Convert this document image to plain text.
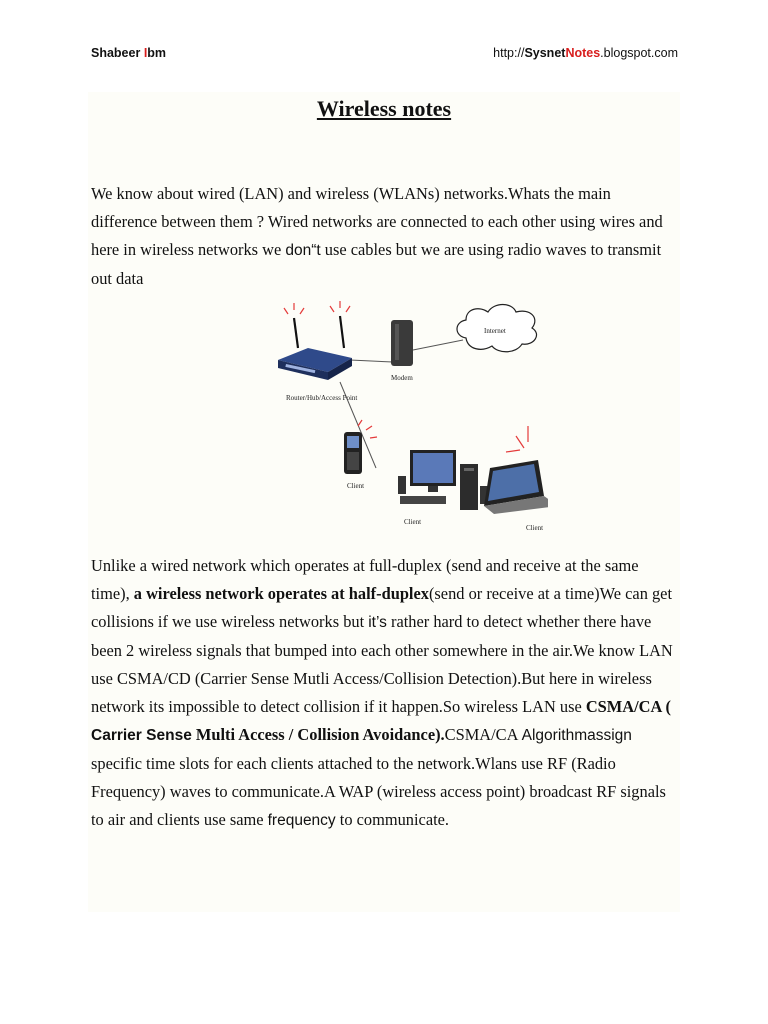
Shabeer Ibm	http://SysnetNotes.blogspot.com
Wireless notes

We know about wired (LAN) and wireless (WLANs) networks.Whats the main difference between them ? Wired networks are connected to each other using wires and here in wireless networks we don“t use cables but we are using radio waves to transmit out data

Internet
Modem
Router/Hub/Access Point
Client
Client
Client

Unlike a wired network which operates at full-duplex (send and receive at the same time), a wireless network operates at half-duplex(send or receive at a time)We can get collisions if we use wireless networks but it’s rather hard to detect whether there have been 2 wireless signals that bumped into each other somewhere in the air.We know LAN use CSMA/CD (Carrier Sense Mutli Access/Collision Detection).But here in wireless network its impossible to detect collision if it happen.So wireless LAN use CSMA/CA ( Carrier Sense Multi Access / Collision Avoidance).CSMA/CA Algorithmassign specific time slots for each clients attached to the network.Wlans use RF (Radio Frequency) waves to communicate.A WAP (wireless access point) broadcast RF signals to air and clients use same frequency to communicate.
